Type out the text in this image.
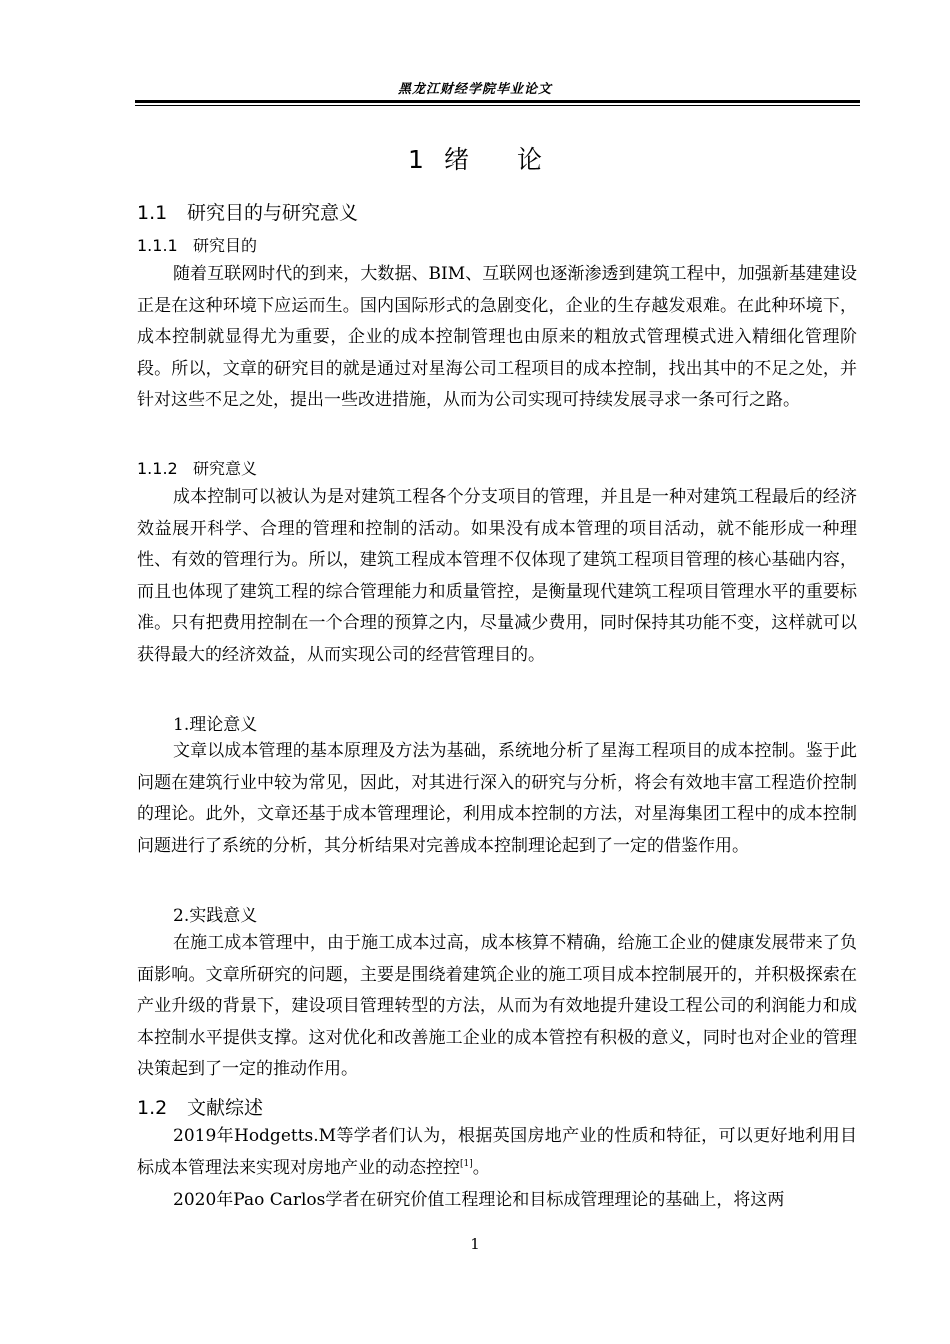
黑龙江财经学院毕业论文
1 绪 论
1.1 研究目的与研究意义
1.1.1 研究目的

随着互联网时代的到来，大数据、BIM、互联网也逐渐渗透到建筑工程中，加强新基建建设正是在这种环境下应运而生。国内国际形式的急剧变化，企业的生存越发艰难。在此种环境下，成本控制就显得尤为重要，企业的成本控制管理也由原来的粗放式管理模式进入精细化管理阶段。所以，文章的研究目的就是通过对星海公司工程项目的成本控制，找出其中的不足之处，并针对这些不足之处，提出一些改进措施，从而为公司实现可持续发展寻求一条可行之路。

1.1.2 研究意义

成本控制可以被认为是对建筑工程各个分支项目的管理，并且是一种对建筑工程最后的经济效益展开科学、合理的管理和控制的活动。如果没有成本管理的项目活动，就不能形成一种理性、有效的管理行为。所以，建筑工程成本管理不仅体现了建筑工程项目管理的核心基础内容，而且也体现了建筑工程的综合管理能力和质量管控，是衡量现代建筑工程项目管理水平的重要标准。只有把费用控制在一个合理的预算之内，尽量减少费用，同时保持其功能不变，这样就可以获得最大的经济效益，从而实现公司的经营管理目的。

1.理论意义

文章以成本管理的基本原理及方法为基础，系统地分析了星海工程项目的成本控制。鉴于此问题在建筑行业中较为常见，因此，对其进行深入的研究与分析，将会有效地丰富工程造价控制的理论。此外，文章还基于成本管理理论，利用成本控制的方法，对星海集团工程中的成本控制问题进行了系统的分析，其分析结果对完善成本控制理论起到了一定的借鉴作用。

2.实践意义

在施工成本管理中，由于施工成本过高，成本核算不精确，给施工企业的健康发展带来了负面影响。文章所研究的问题，主要是围绕着建筑企业的施工项目成本控制展开的，并积极探索在产业升级的背景下，建设项目管理转型的方法，从而为有效地提升建设工程公司的利润能力和成本控制水平提供支撑。这对优化和改善施工企业的成本管控有积极的意义，同时也对企业的管理决策起到了一定的推动作用。

1.2 文献综述

2019年Hodgetts.M等学者们认为，根据英国房地产业的性质和特征，可以更好地利用目标成本管理法来实现对房地产业的动态控控[1]。

2020年Pao Carlos学者在研究价值工程理论和目标成管理理论的基础上，将这两

1
